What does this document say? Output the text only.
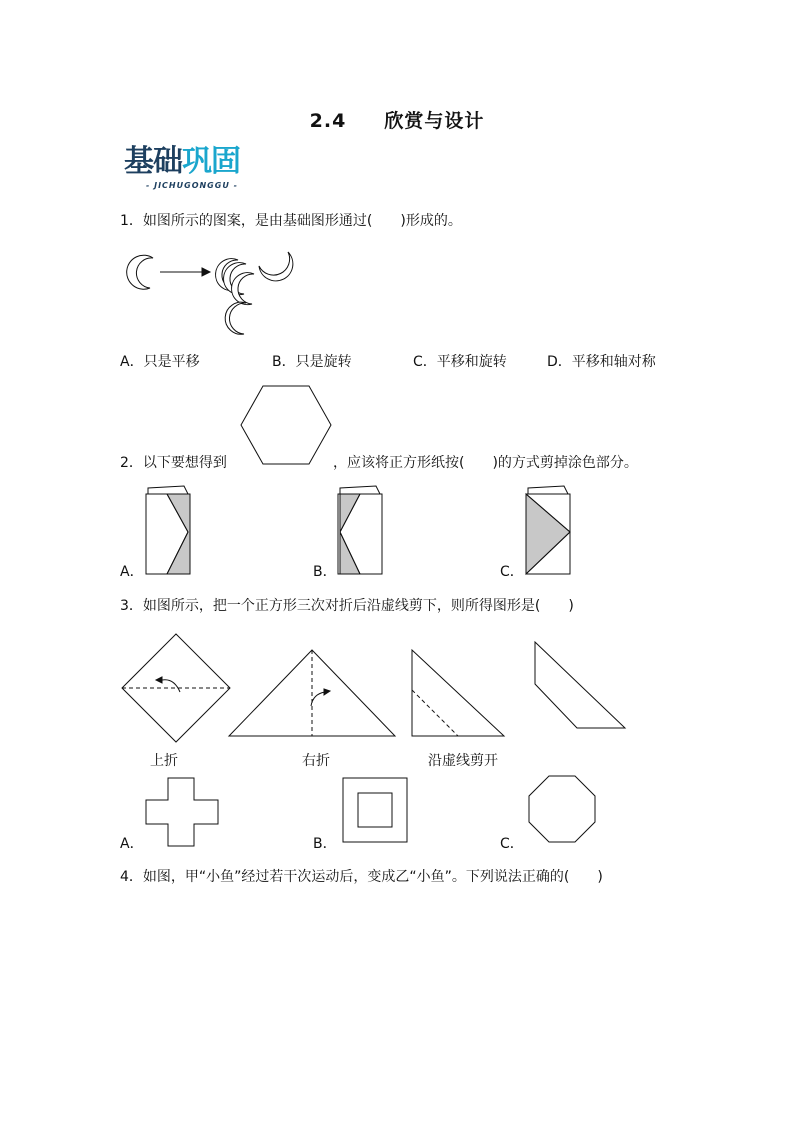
2.4 欣赏与设计
基础巩固
- JICHUGONGGU -
1．如图所示的图案，是由基础图形通过(　　)形成的。
A．只是平移	B．只是旋转	C．平移和旋转	D．平移和轴对称
2．以下要想得到	，应该将正方形纸按(　　)的方式剪掉涂色部分。
A．	B．	C．
3．如图所示，把一个正方形三次对折后沿虚线剪下，则所得图形是(　　)
上折	右折	沿虚线剪开
A．	B．	C．
4．如图，甲“小鱼”经过若干次运动后，变成乙“小鱼”。下列说法正确的(　　)
